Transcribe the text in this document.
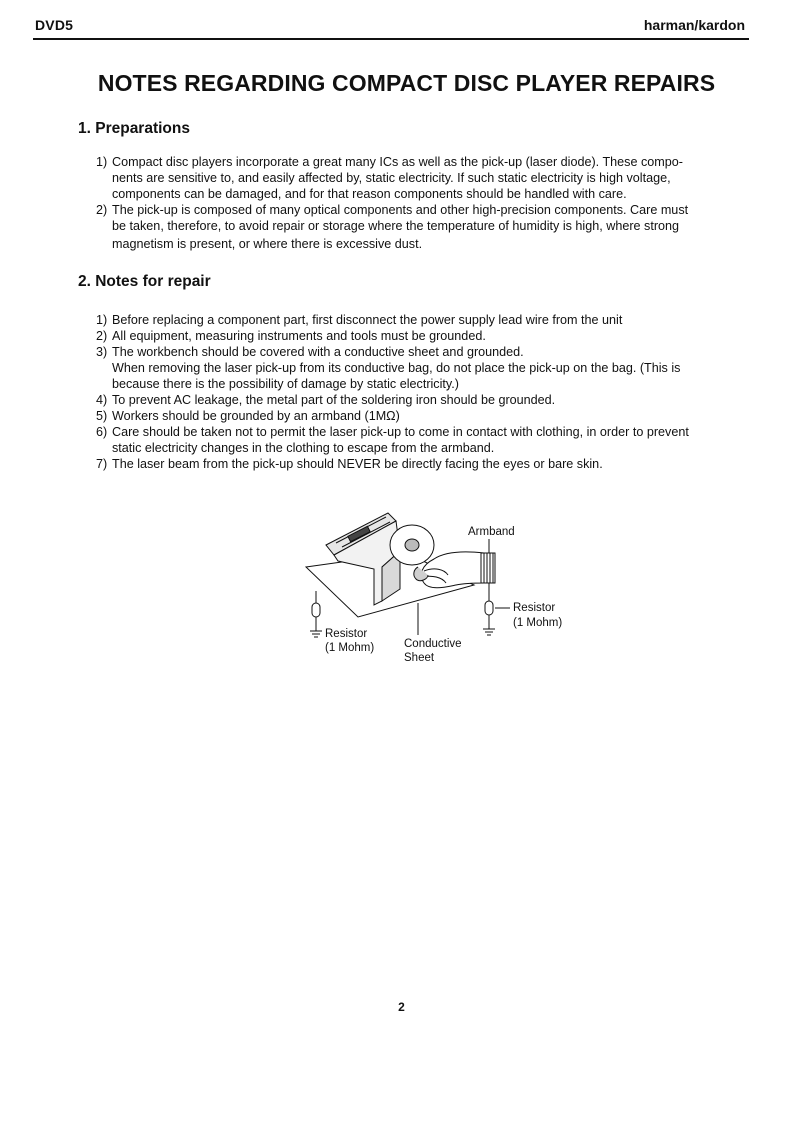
DVD5	harman/kardon
NOTES REGARDING COMPACT DISC PLAYER REPAIRS
1. Preparations
1) Compact disc players incorporate a great many ICs as well as the pick-up (laser diode). These compo-
nents are sensitive to, and easily affected by, static electricity. If such static electricity is high voltage,
components can be damaged, and for that reason components should be handled with care.
2) The pick-up is composed of many optical components and other high-precision components. Care must
be taken, therefore, to avoid repair or storage where the temperature of humidity is high, where strong
magnetism is present, or where there is excessive dust.
2. Notes for repair
1) Before replacing a component part, first disconnect the power supply lead wire from the unit
2) All equipment, measuring instruments and tools must be grounded.
3) The workbench should be covered with a conductive sheet and grounded.
When removing the laser pick-up from its conductive bag, do not place the pick-up on the bag. (This is
because there is the possibility of damage by static electricity.)
4) To prevent AC leakage, the metal part of the soldering iron should be grounded.
5) Workers should be grounded by an armband (1MΩ)
6) Care should be taken not to permit the laser pick-up to come in contact with clothing, in order to prevent
static electricity changes in the clothing to escape from the armband.
7) The laser beam from the pick-up should NEVER be directly facing the eyes or bare skin.
Armband
Resistor
(1 Mohm)
Resistor
(1 Mohm)	Conductive
Sheet
2
